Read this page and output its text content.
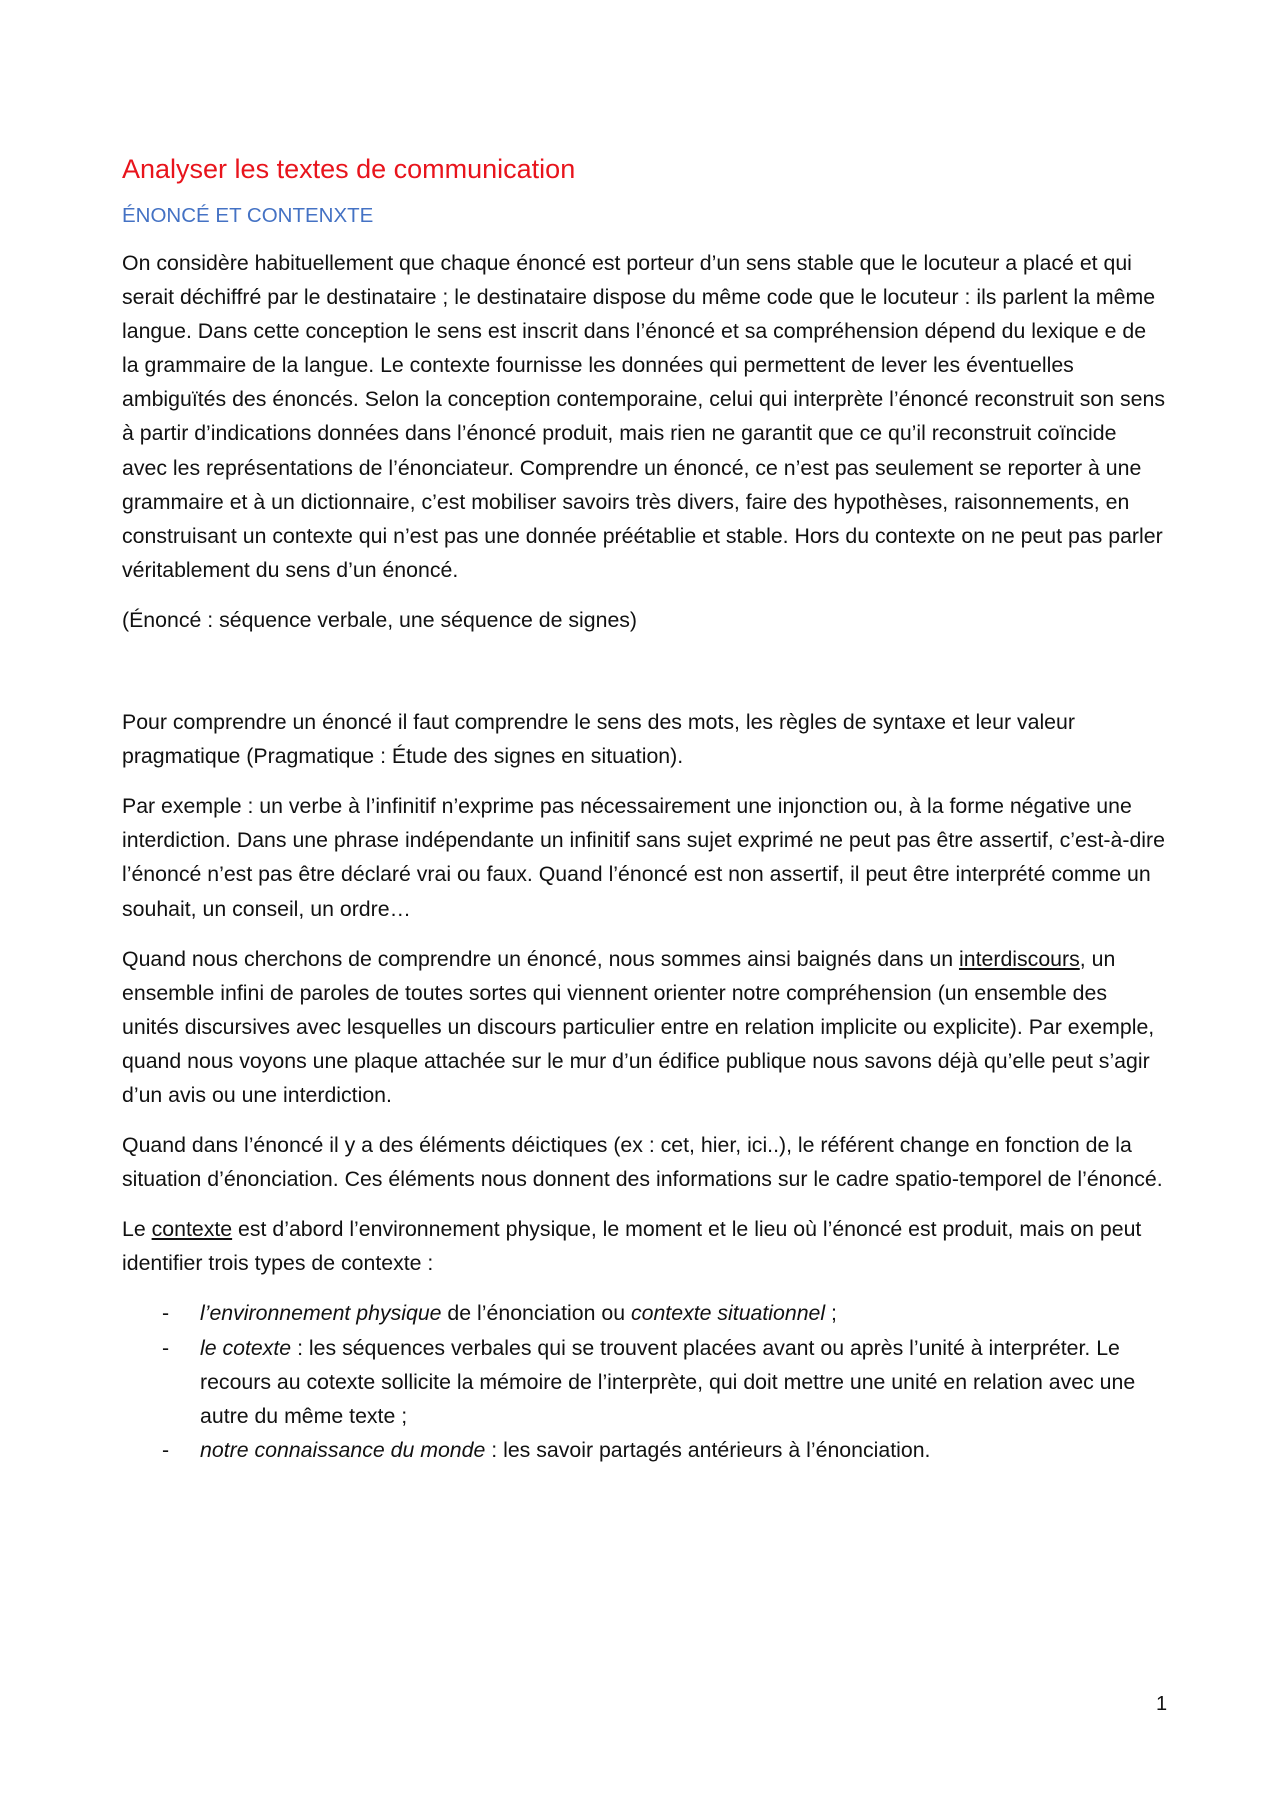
Analyser les textes de communication
ÉNONCÉ ET CONTENXTE

On considère habituellement que chaque énoncé est porteur d’un sens stable que le locuteur a placé et qui serait déchiffré par le destinataire ; le destinataire dispose du même code que le locuteur : ils parlent la même langue. Dans cette conception le sens est inscrit dans l’énoncé et sa compréhension dépend du lexique e de la grammaire de la langue. Le contexte fournisse les données qui permettent de lever les éventuelles ambiguïtés des énoncés. Selon la conception contemporaine, celui qui interprète l’énoncé reconstruit son sens à partir d’indications données dans l’énoncé produit, mais rien ne garantit que ce qu’il reconstruit coïncide avec les représentations de l’énonciateur. Comprendre un énoncé, ce n’est pas seulement se reporter à une grammaire et à un dictionnaire, c’est mobiliser savoirs très divers, faire des hypothèses, raisonnements, en construisant un contexte qui n’est pas une donnée préétablie et stable. Hors du contexte on ne peut pas parler véritablement du sens d’un énoncé.

(Énoncé : séquence verbale, une séquence de signes)

Pour comprendre un énoncé il faut comprendre le sens des mots, les règles de syntaxe et leur valeur pragmatique (Pragmatique : Étude des signes en situation).

Par exemple : un verbe à l’infinitif n’exprime pas nécessairement une injonction ou, à la forme négative une interdiction. Dans une phrase indépendante un infinitif sans sujet exprimé ne peut pas être assertif, c’est-à-dire l’énoncé n’est pas être déclaré vrai ou faux. Quand l’énoncé est non assertif, il peut être interprété comme un souhait, un conseil, un ordre…

Quand nous cherchons de comprendre un énoncé, nous sommes ainsi baignés dans un interdiscours, un ensemble infini de paroles de toutes sortes qui viennent orienter notre compréhension (un ensemble des unités discursives avec lesquelles un discours particulier entre en relation implicite ou explicite). Par exemple, quand nous voyons une plaque attachée sur le mur d’un édifice publique nous savons déjà qu’elle peut s’agir d’un avis ou une interdiction.

Quand dans l’énoncé il y a des éléments déictiques (ex : cet, hier, ici..), le référent change en fonction de la situation d’énonciation. Ces éléments nous donnent des informations sur le cadre spatio-temporel de l’énoncé.

Le contexte est d’abord l’environnement physique, le moment et le lieu où l’énoncé est produit, mais on peut identifier trois types de contexte :

- l’environnement physique de l’énonciation ou contexte situationnel ;
- le cotexte : les séquences verbales qui se trouvent placées avant ou après l’unité à interpréter. Le recours au cotexte sollicite la mémoire de l’interprète, qui doit mettre une unité en relation avec une autre du même texte ;
- notre connaissance du monde : les savoir partagés antérieurs à l’énonciation.
1
